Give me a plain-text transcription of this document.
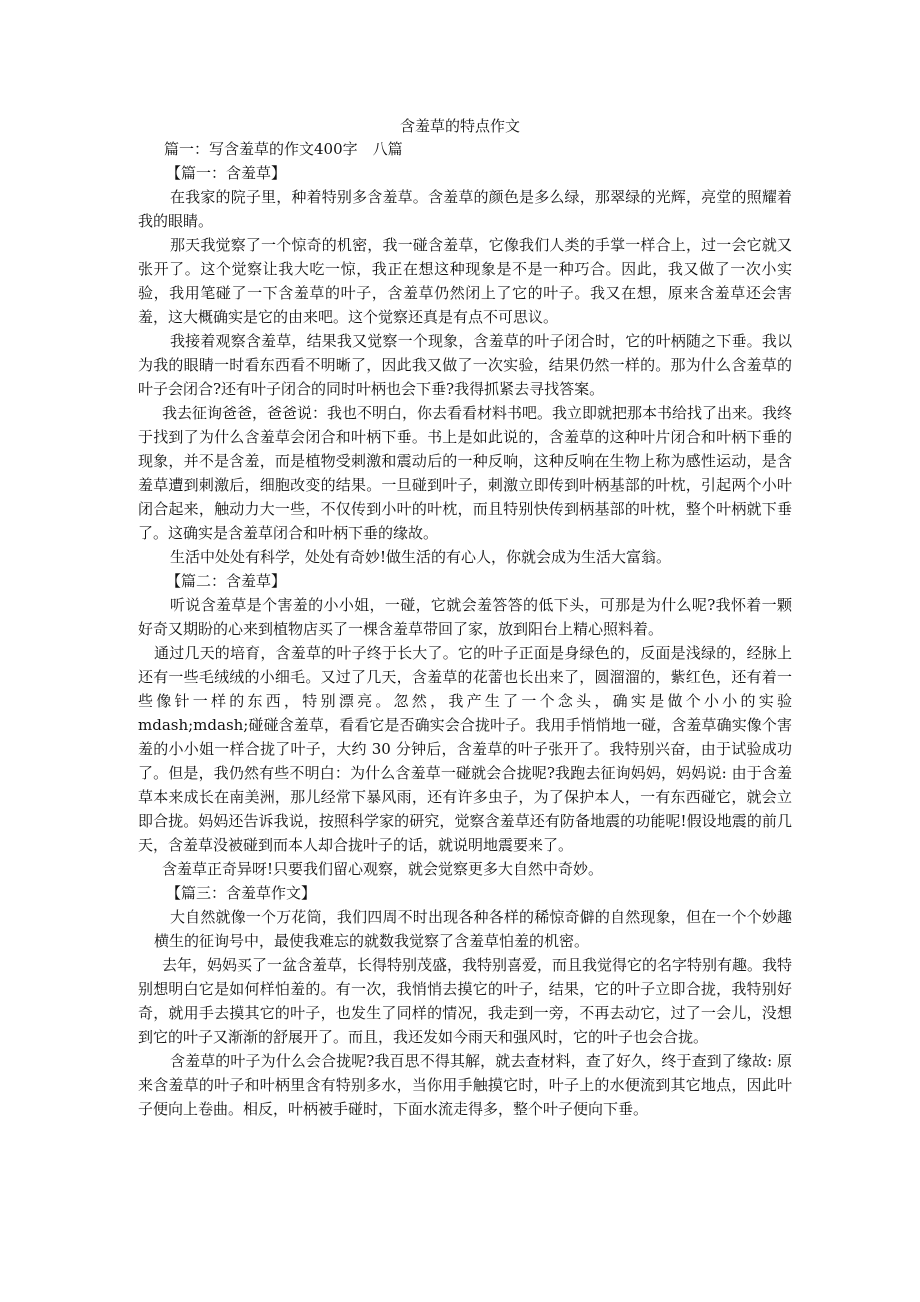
含羞草的特点作文

篇一：写含羞草的作文400字　八篇

【篇一：含羞草】

在我家的院子里，种着特别多含羞草。含羞草的颜色是多么绿，那翠绿的光辉，亮堂的照耀着我的眼睛。

那天我觉察了一个惊奇的机密，我一碰含羞草，它像我们人类的手掌一样合上，过一会它就又张开了。这个觉察让我大吃一惊，我正在想这种现象是不是一种巧合。因此，我又做了一次小实验，我用笔碰了一下含羞草的叶子，含羞草仍然闭上了它的叶子。我又在想，原来含羞草还会害羞，这大概确实是它的由来吧。这个觉察还真是有点不可思议。

我接着观察含羞草，结果我又觉察一个现象，含羞草的叶子闭合时，它的叶柄随之下垂。我以为我的眼睛一时看东西看不明晰了，因此我又做了一次实验，结果仍然一样的。那为什么含羞草的叶子会闭合?还有叶子闭合的同时叶柄也会下垂?我得抓紧去寻找答案。

我去征询爸爸，爸爸说：我也不明白，你去看看材料书吧。我立即就把那本书给找了出来。我终于找到了为什么含羞草会闭合和叶柄下垂。书上是如此说的，含羞草的这种叶片闭合和叶柄下垂的现象，并不是含羞，而是植物受刺激和震动后的一种反响，这种反响在生物上称为感性运动，是含羞草遭到刺激后，细胞改变的结果。一旦碰到叶子，刺激立即传到叶柄基部的叶枕，引起两个小叶闭合起来，触动力大一些，不仅传到小叶的叶枕，而且特别快传到柄基部的叶枕，整个叶柄就下垂了。这确实是含羞草闭合和叶柄下垂的缘故。

生活中处处有科学，处处有奇妙!做生活的有心人，你就会成为生活大富翁。

【篇二：含羞草】

听说含羞草是个害羞的小小姐，一碰，它就会羞答答的低下头，可那是为什么呢?我怀着一颗好奇又期盼的心来到植物店买了一棵含羞草带回了家，放到阳台上精心照料着。

通过几天的培育，含羞草的叶子终于长大了。它的叶子正面是身绿色的，反面是浅绿的，经脉上还有一些毛绒绒的小细毛。又过了几天，含羞草的花蕾也长出来了，圆溜溜的，紫红色，还有着一些像针一样的东西，特别漂亮。忽然，我产生了一个念头，确实是做个小小的实验 mdash;mdash;碰碰含羞草，看看它是否确实会合拢叶子。我用手悄悄地一碰，含羞草确实像个害羞的小小姐一样合拢了叶子，大约 30 分钟后，含羞草的叶子张开了。我特别兴奋，由于试验成功了。但是，我仍然有些不明白：为什么含羞草一碰就会合拢呢?我跑去征询妈妈，妈妈说: 由于含羞草本来成长在南美洲，那儿经常下暴风雨，还有许多虫子，为了保护本人，一有东西碰它，就会立即合拢。妈妈还告诉我说，按照科学家的研究，觉察含羞草还有防备地震的功能呢!假设地震的前几天，含羞草没被碰到而本人却合拢叶子的话，就说明地震要来了。

含羞草正奇异呀!只要我们留心观察，就会觉察更多大自然中奇妙。

【篇三：含羞草作文】

大自然就像一个万花筒，我们四周不时出现各种各样的稀惊奇僻的自然现象，但在一个个妙趣横生的征询号中，最使我难忘的就数我觉察了含羞草怕羞的机密。

去年，妈妈买了一盆含羞草，长得特别茂盛，我特别喜爱，而且我觉得它的名字特别有趣。我特别想明白它是如何样怕羞的。有一次，我悄悄去摸它的叶子，结果，它的叶子立即合拢，我特别好奇，就用手去摸其它的叶子，也发生了同样的情况，我走到一旁，不再去动它，过了一会儿，没想到它的叶子又渐渐的舒展开了。而且，我还发如今雨天和强风时，它的叶子也会合拢。

含羞草的叶子为什么会合拢呢?我百思不得其解，就去查材料，查了好久，终于查到了缘故: 原来含羞草的叶子和叶柄里含有特别多水，当你用手触摸它时，叶子上的水便流到其它地点，因此叶子便向上卷曲。相反，叶柄被手碰时，下面水流走得多，整个叶子便向下垂。
